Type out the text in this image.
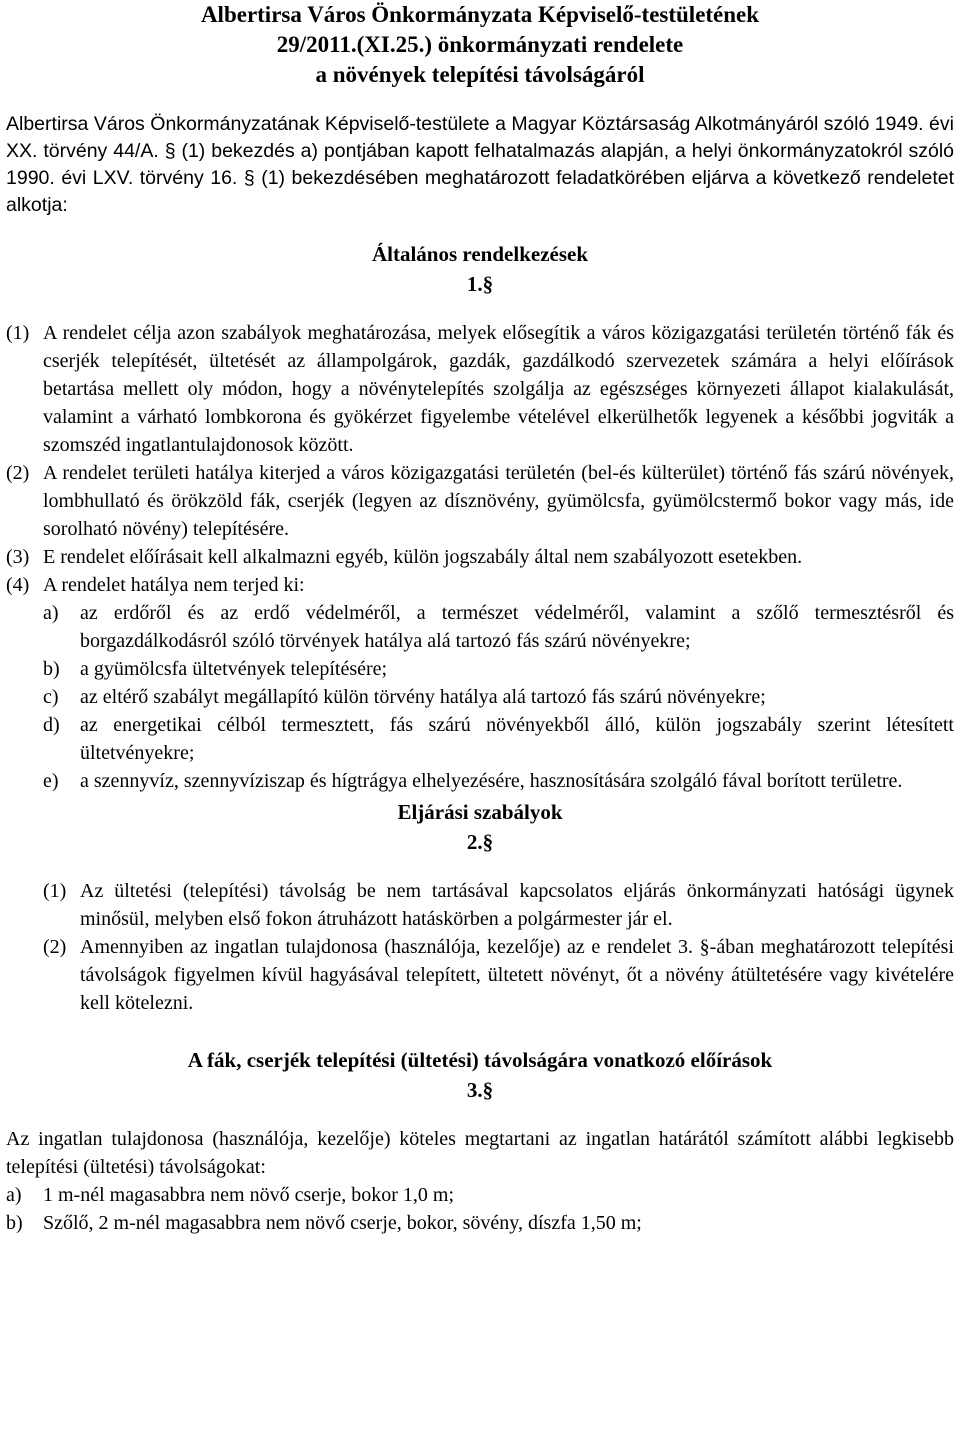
Albertirsa Város Önkormányzata Képviselő-testületének
29/2011.(XI.25.) önkormányzati rendelete
a növények telepítési távolságáról
Albertirsa Város Önkormányzatának Képviselő-testülete a Magyar Köztársaság Alkotmányáról szóló 1949. évi XX. törvény 44/A. § (1) bekezdés a) pontjában kapott felhatalmazás alapján, a helyi önkormányzatokról szóló 1990. évi LXV. törvény 16. § (1) bekezdésében meghatározott feladatkörében eljárva a következő rendeletet alkotja:
Általános rendelkezések
1.§
(1) A rendelet célja azon szabályok meghatározása, melyek elősegítik a város közigazgatási területén történő fák és cserjék telepítését, ültetését az állampolgárok, gazdák, gazdálkodó szervezetek számára a helyi előírások betartása mellett oly módon, hogy a növénytelepítés szolgálja az egészséges környezeti állapot kialakulását, valamint a várható lombkorona és gyökérzet figyelembe vételével elkerülhetők legyenek a későbbi jogviták a szomszéd ingatlantulajdonosok között.
(2) A rendelet területi hatálya kiterjed a város közigazgatási területén (bel-és külterület) történő fás szárú növények, lombhullató és örökzöld fák, cserjék (legyen az dísznövény, gyümölcsfa, gyümölcstermő bokor vagy más, ide sorolható növény) telepítésére.
(3) E rendelet előírásait kell alkalmazni egyéb, külön jogszabály által nem szabályozott esetekben.
(4) A rendelet hatálya nem terjed ki:
a) az erdőről és az erdő védelméről, a természet védelméről, valamint a szőlő termesztésről és borgazdálkodásról szóló törvények hatálya alá tartozó fás szárú növényekre;
b) a gyümölcsfa ültetvények telepítésére;
c) az eltérő szabályt megállapító külön törvény hatálya alá tartozó fás szárú növényekre;
d) az energetikai célból termesztett, fás szárú növényekből álló, külön jogszabály szerint létesített ültetvényekre;
e) a szennyvíz, szennyvíziszap és hígtrágya elhelyezésére, hasznosítására szolgáló fával borított területre.
Eljárási szabályok
2.§
(1) Az ültetési (telepítési) távolság be nem tartásával kapcsolatos eljárás önkormányzati hatósági ügynek minősül, melyben első fokon átruházott hatáskörben a polgármester jár el.
(2) Amennyiben az ingatlan tulajdonosa (használója, kezelője) az e rendelet 3. §-ában meghatározott telepítési távolságok figyelmen kívül hagyásával telepített, ültetett növényt, őt a növény átültetésére vagy kivételére kell kötelezni.
A fák, cserjék telepítési (ültetési) távolságára vonatkozó előírások
3.§
Az ingatlan tulajdonosa (használója, kezelője) köteles megtartani az ingatlan határától számított alábbi legkisebb telepítési (ültetési) távolságokat:
a) 1 m-nél magasabbra nem növő cserje, bokor 1,0 m;
b) Szőlő, 2 m-nél magasabbra nem növő cserje, bokor, sövény, díszfa 1,50 m;
